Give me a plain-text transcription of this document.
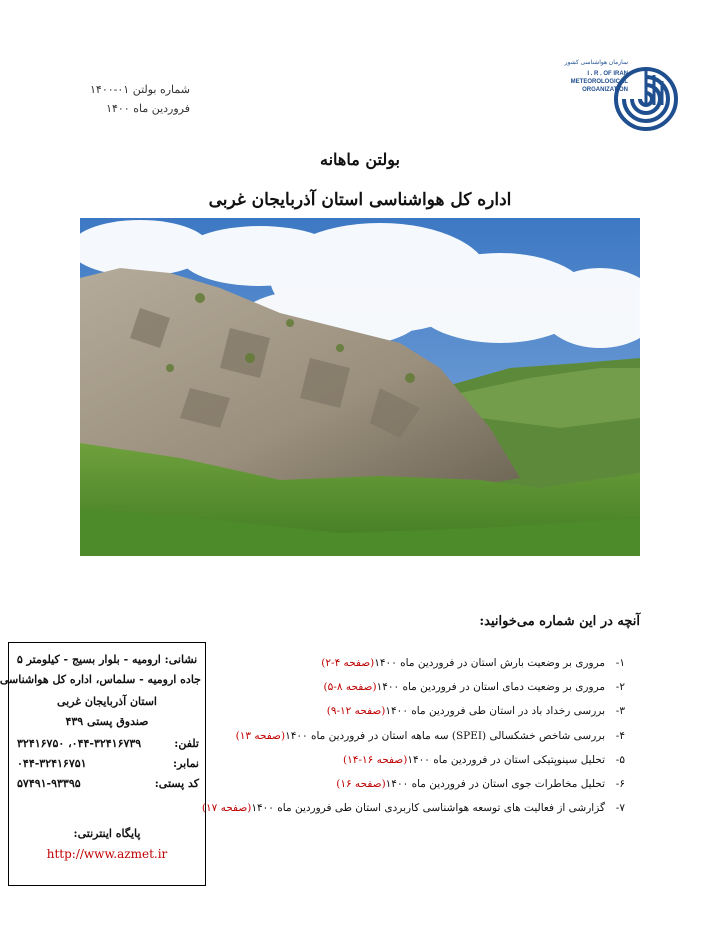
شماره بولتن ۰۱-۱۴۰۰
فروردین ماه ۱۴۰۰
سازمان هواشناسی کشور
I . R . OF IRAN
METEOROLOGICAL
ORGANIZATION
بولتن ماهانه
اداره کل هواشناسی استان آذربایجان غربی
آنچه در این شماره می‌خوانید:
۱-
مروری بر وضعیت بارش استان در فروردین ماه ۱۴۰۰
(صفحه ۴-۲)
۲-
مروری بر وضعیت دمای استان در فروردین ماه ۱۴۰۰
(صفحه ۸-۵)
۳-
بررسی رخداد باد در استان طی فروردین ماه ۱۴۰۰
(صفحه ۱۲-۹)
۴-
بررسی شاخص خشکسالی (SPEI) سه ماهه استان در فروردین ماه ۱۴۰۰
(صفحه ۱۳)
۵-
تحلیل سینوپتیکی استان در فروردین ماه ۱۴۰۰
(صفحه ۱۶-۱۴)
۶-
تحلیل مخاطرات جوی استان در فروردین ماه ۱۴۰۰
(صفحه ۱۶)
۷-
گزارشی از فعالیت های توسعه هواشناسی کاربردی استان طی فروردین ماه ۱۴۰۰
(صفحه ۱۷)
نشانی: ارومیه - بلوار بسیج - کیلومتر ۵
جاده ارومیه - سلماس، اداره کل هواشناسی
استان آذربایجان غربی
صندوق پستی ۴۳۹
تلفن:
۰۴۴-۳۲۴۱۶۷۳۹، ۳۲۴۱۶۷۵۰
نمابر:
۰۴۴-۳۲۴۱۶۷۵۱
کد پستی:
۵۷۴۹۱-۹۳۳۹۵
پایگاه اینترنتی:
http://www.azmet.ir
